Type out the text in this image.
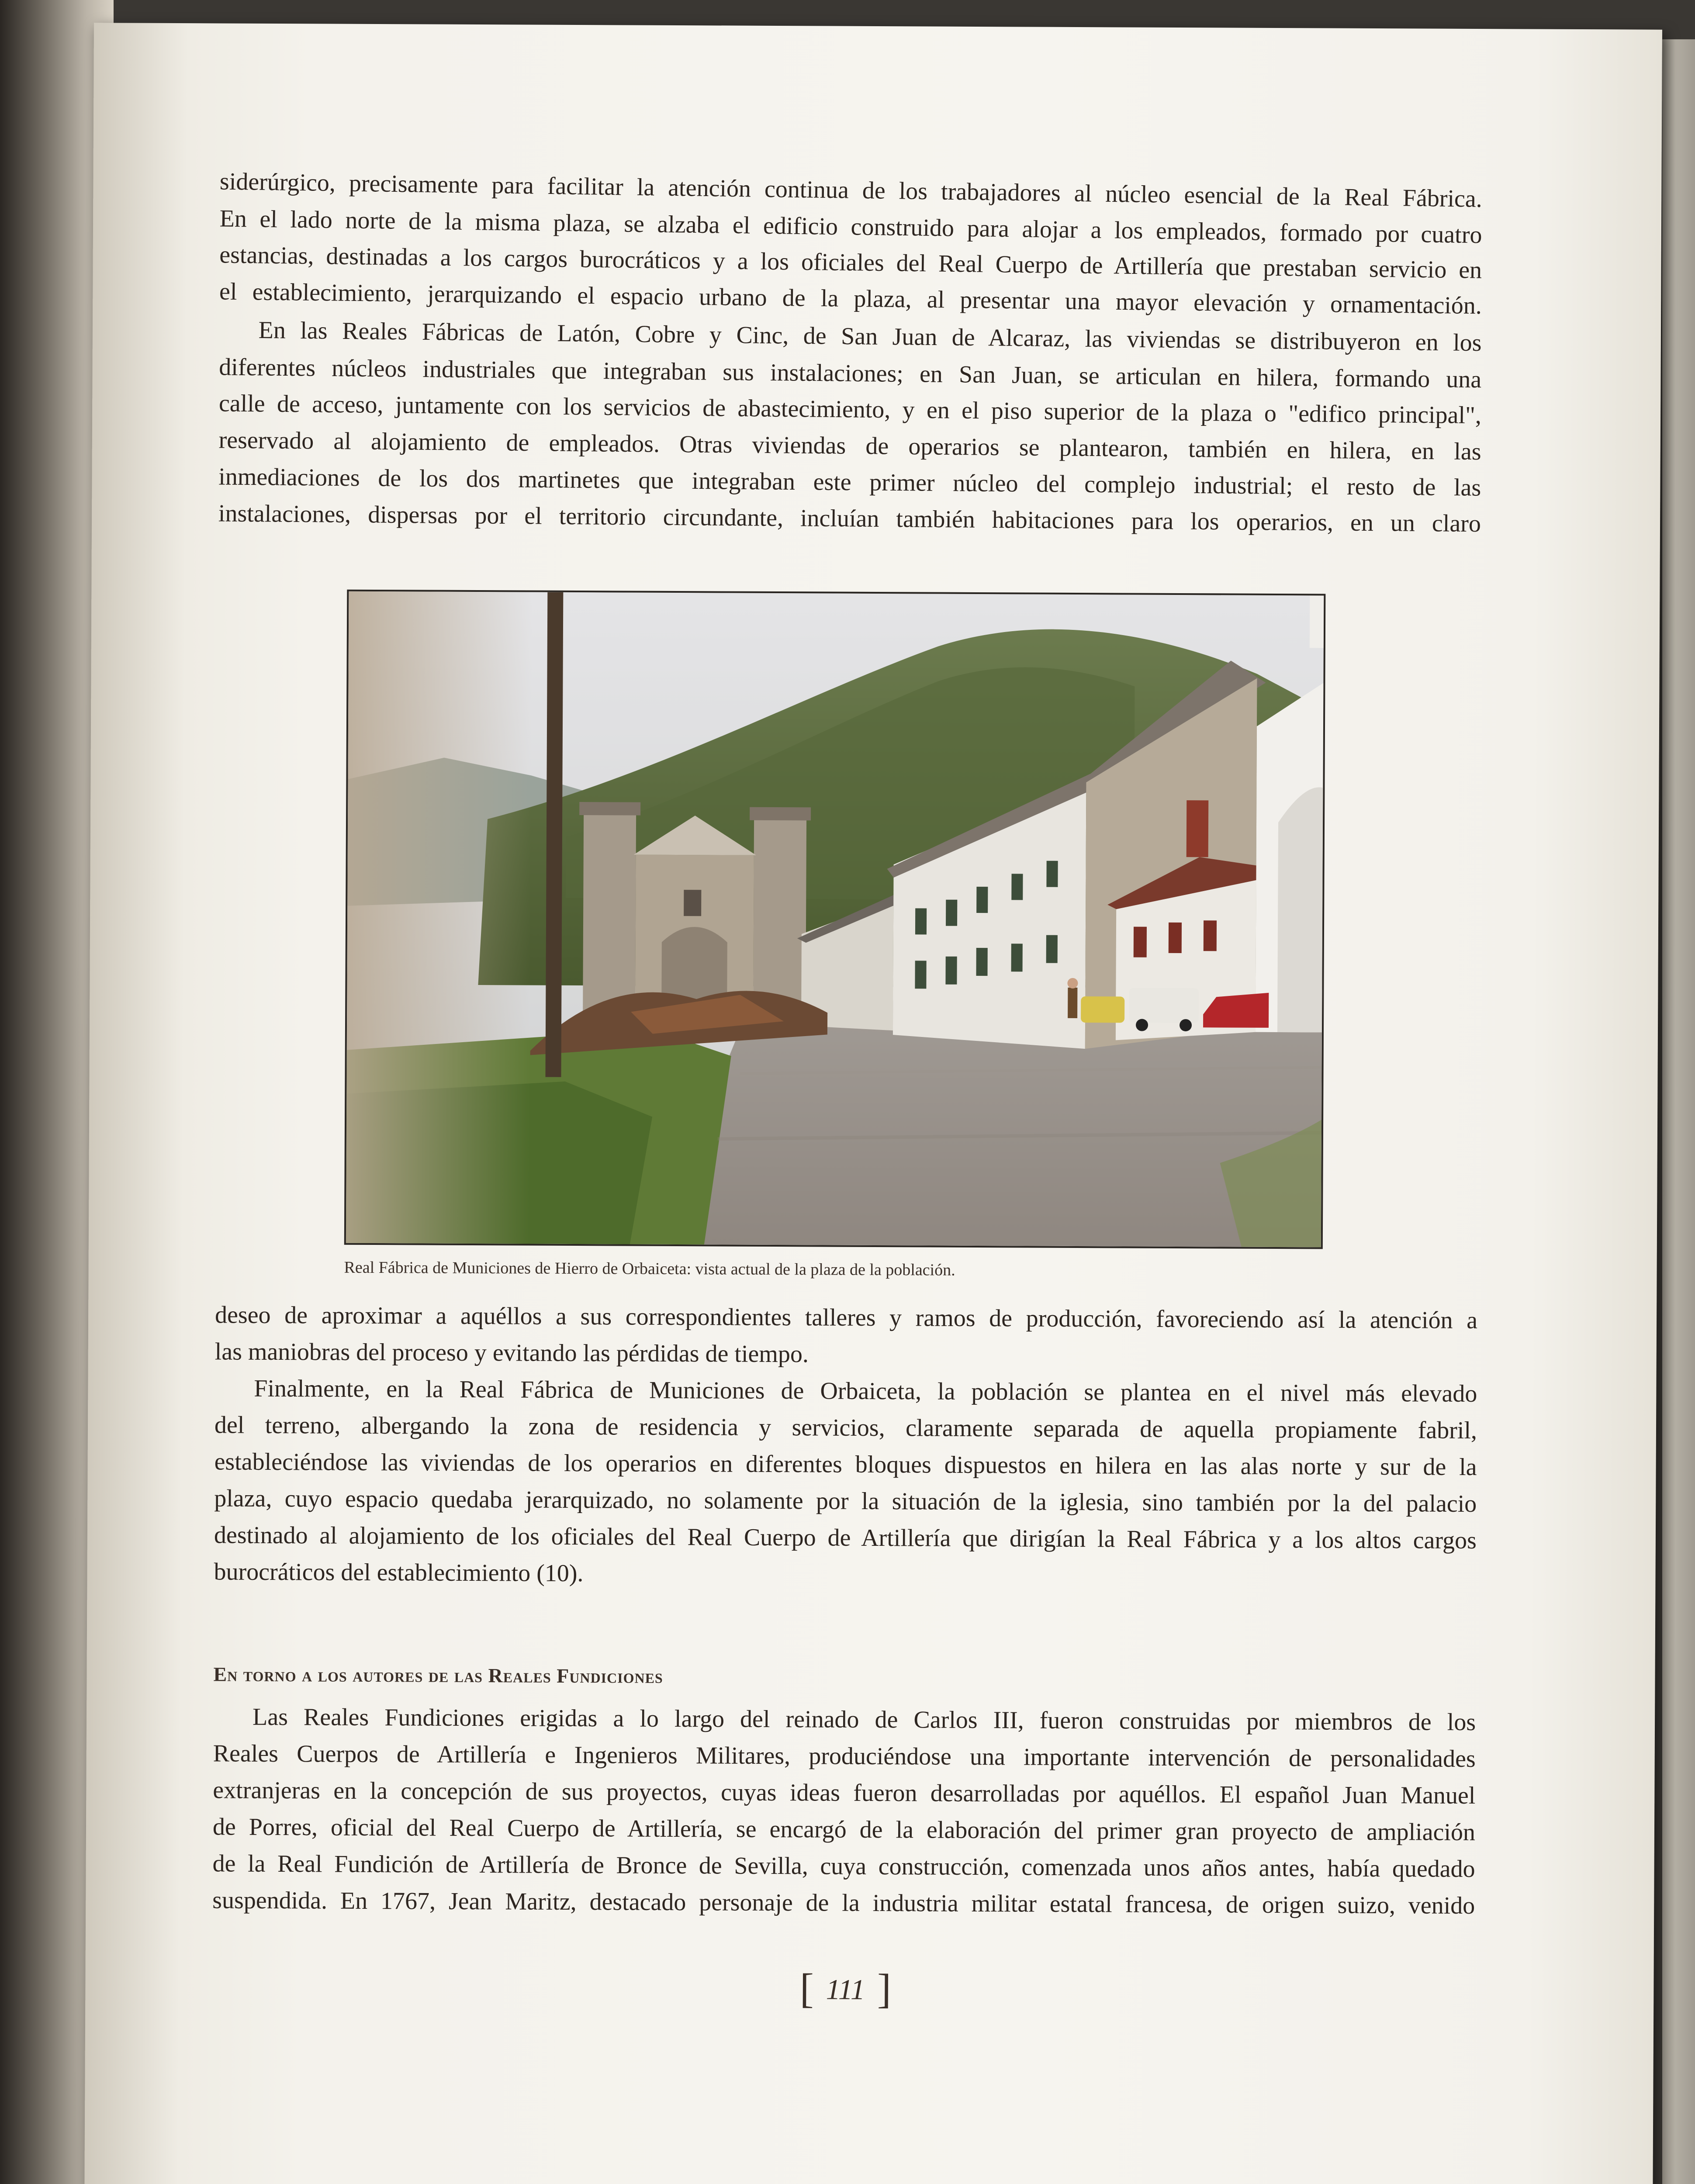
siderúrgico, precisamente para facilitar la atención continua de los trabajadores al núcleo esencial de la Real Fábrica.

En el lado norte de la misma plaza, se alzaba el edificio construido para alojar a los empleados, formado por cuatro

estancias, destinadas a los cargos burocráticos y a los oficiales del Real Cuerpo de Artillería que prestaban servicio en

el establecimiento, jerarquizando el espacio urbano de la plaza, al presentar una mayor elevación y ornamentación.

En las Reales Fábricas de Latón, Cobre y Cinc, de San Juan de Alcaraz, las viviendas se distribuyeron en los

diferentes núcleos industriales que integraban sus instalaciones; en San Juan, se articulan en hilera, formando una

calle de acceso, juntamente con los servicios de abastecimiento, y en el piso superior de la plaza o "edifico principal",

reservado al alojamiento de empleados. Otras viviendas de operarios se plantearon, también en hilera, en las

inmediaciones de los dos martinetes que integraban este primer núcleo del complejo industrial; el resto de las

instalaciones, dispersas por el territorio circundante, incluían también habitaciones para los operarios, en un claro

Real Fábrica de Municiones de Hierro de Orbaiceta: vista actual de la plaza de la población.

deseo de aproximar a aquéllos a sus correspondientes talleres y ramos de producción, favoreciendo así la atención a

las maniobras del proceso y evitando las pérdidas de tiempo.

Finalmente, en la Real Fábrica de Municiones de Orbaiceta, la población se plantea en el nivel más elevado

del terreno, albergando la zona de residencia y servicios, claramente separada de aquella propiamente fabril,

estableciéndose las viviendas de los operarios en diferentes bloques dispuestos en hilera en las alas norte y sur de la

plaza, cuyo espacio quedaba jerarquizado, no solamente por la situación de la iglesia, sino también por la del palacio

destinado al alojamiento de los oficiales del Real Cuerpo de Artillería que dirigían la Real Fábrica y a los altos cargos

burocráticos del establecimiento (10).

En torno a los autores de las Reales Fundiciones

Las Reales Fundiciones erigidas a lo largo del reinado de Carlos III, fueron construidas por miembros de los

Reales Cuerpos de Artillería e Ingenieros Militares, produciéndose una importante intervención de personalidades

extranjeras en la concepción de sus proyectos, cuyas ideas fueron desarrolladas por aquéllos. El español Juan Manuel

de Porres, oficial del Real Cuerpo de Artillería, se encargó de la elaboración del primer gran proyecto de ampliación

de la Real Fundición de Artillería de Bronce de Sevilla, cuya construcción, comenzada unos años antes, había quedado

suspendida. En 1767, Jean Maritz, destacado personaje de la industria militar estatal francesa, de origen suizo, venido

[ 111 ]
